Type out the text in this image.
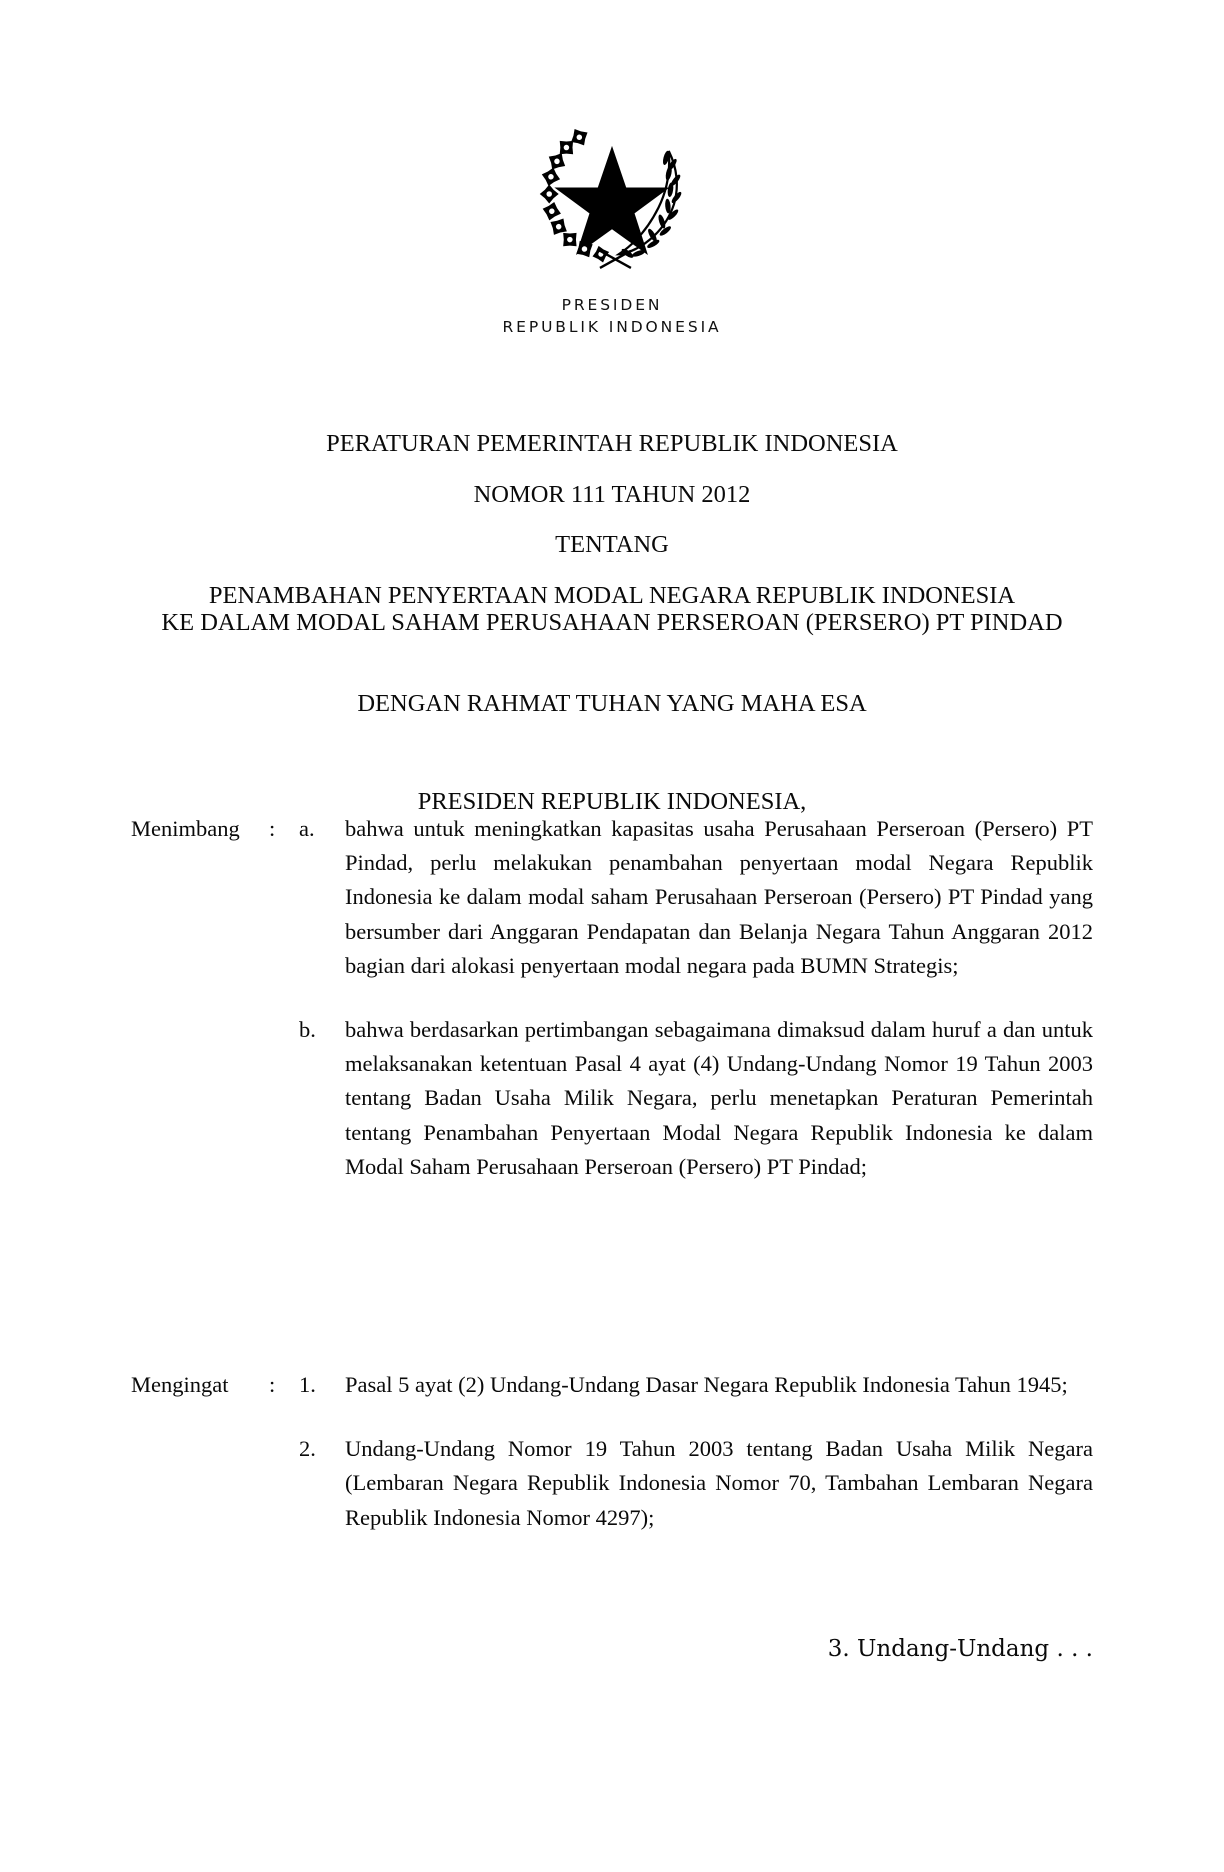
PRESIDEN
REPUBLIK INDONESIA
PERATURAN PEMERINTAH REPUBLIK INDONESIA
NOMOR 111 TAHUN 2012
TENTANG
PENAMBAHAN PENYERTAAN MODAL NEGARA REPUBLIK INDONESIA
KE DALAM MODAL SAHAM PERUSAHAAN PERSEROAN (PERSERO) PT PINDAD
DENGAN RAHMAT TUHAN YANG MAHA ESA
PRESIDEN REPUBLIK INDONESIA,
Menimbang	:	a.	bahwa untuk meningkatkan kapasitas usaha Perusahaan Perseroan (Persero) PT Pindad, perlu melakukan penambahan penyertaan modal Negara Republik Indonesia ke dalam modal saham Perusahaan Perseroan (Persero) PT Pindad yang bersumber dari Anggaran Pendapatan dan Belanja Negara Tahun Anggaran 2012 bagian dari alokasi penyertaan modal negara pada BUMN Strategis;
b.	bahwa berdasarkan pertimbangan sebagaimana dimaksud dalam huruf a dan untuk melaksanakan ketentuan Pasal 4 ayat (4) Undang-Undang Nomor 19 Tahun 2003 tentang Badan Usaha Milik Negara, perlu menetapkan Peraturan Pemerintah tentang Penambahan Penyertaan Modal Negara Republik Indonesia ke dalam Modal Saham Perusahaan Perseroan (Persero) PT Pindad;
Mengingat	:	1.	Pasal 5 ayat (2) Undang-Undang Dasar Negara Republik Indonesia Tahun 1945;
2.	Undang-Undang Nomor 19 Tahun 2003 tentang Badan Usaha Milik Negara (Lembaran Negara Republik Indonesia Nomor 70, Tambahan Lembaran Negara Republik Indonesia Nomor 4297);
3. Undang-Undang . . .
